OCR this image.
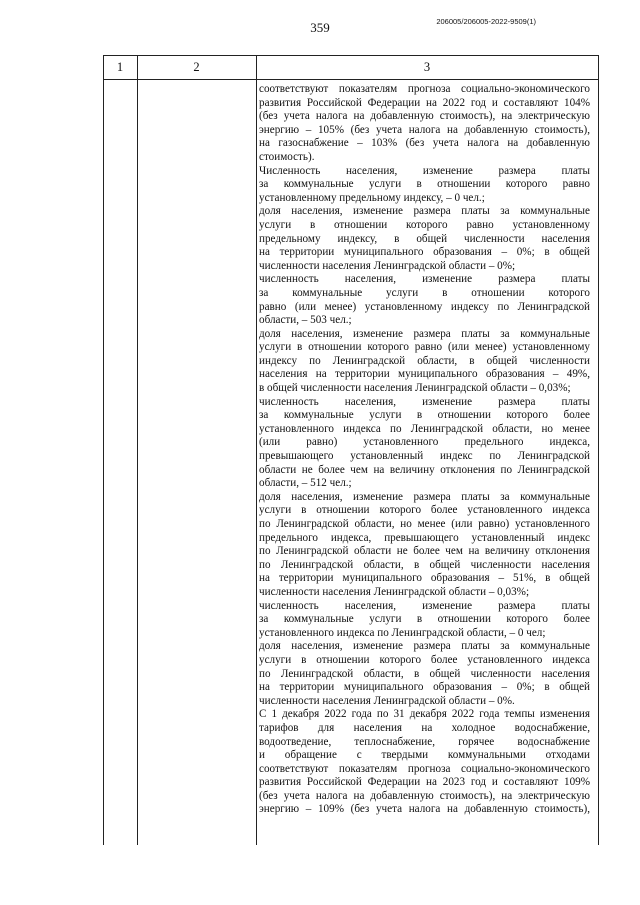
359	206005/206005-2022-9509(1)
1	2	3
соответствуют показателям прогноза социально-экономического
развития Российской Федерации на 2022 год и составляют 104%
(без учета налога на добавленную стоимость), на электрическую
энергию – 105% (без учета налога на добавленную стоимость),
на газоснабжение – 103% (без учета налога на добавленную
стоимость).
Численность населения, изменение размера платы
за коммунальные услуги в отношении которого равно
установленному предельному индексу, – 0 чел.;
доля населения, изменение размера платы за коммунальные
услуги в отношении которого равно установленному
предельному индексу, в общей численности населения
на территории муниципального образования – 0%; в общей
численности населения Ленинградской области – 0%;
численность населения, изменение размера платы
за коммунальные услуги в отношении которого
равно (или менее) установленному индексу по Ленинградской
области, – 503 чел.;
доля населения, изменение размера платы за коммунальные
услуги в отношении которого равно (или менее) установленному
индексу по Ленинградской области, в общей численности
населения на территории муниципального образования – 49%,
в общей численности населения Ленинградской области – 0,03%;
численность населения, изменение размера платы
за коммунальные услуги в отношении которого более
установленного индекса по Ленинградской области, но менее
(или равно) установленного предельного индекса,
превышающего установленный индекс по Ленинградской
области не более чем на величину отклонения по Ленинградской
области, – 512 чел.;
доля населения, изменение размера платы за коммунальные
услуги в отношении которого более установленного индекса
по Ленинградской области, но менее (или равно) установленного
предельного индекса, превышающего установленный индекс
по Ленинградской области не более чем на величину отклонения
по Ленинградской области, в общей численности населения
на территории муниципального образования – 51%, в общей
численности населения Ленинградской области – 0,03%;
численность населения, изменение размера платы
за коммунальные услуги в отношении которого более
установленного индекса по Ленинградской области, – 0 чел;
доля населения, изменение размера платы за коммунальные
услуги в отношении которого более установленного индекса
по Ленинградской области, в общей численности населения
на территории муниципального образования – 0%; в общей
численности населения Ленинградской области – 0%.
С 1 декабря 2022 года по 31 декабря 2022 года темпы изменения
тарифов для населения на холодное водоснабжение,
водоотведение, теплоснабжение, горячее водоснабжение
и обращение с твердыми коммунальными отходами
соответствуют показателям прогноза социально-экономического
развития Российской Федерации на 2023 год и составляют 109%
(без учета налога на добавленную стоимость), на электрическую
энергию – 109% (без учета налога на добавленную стоимость),
